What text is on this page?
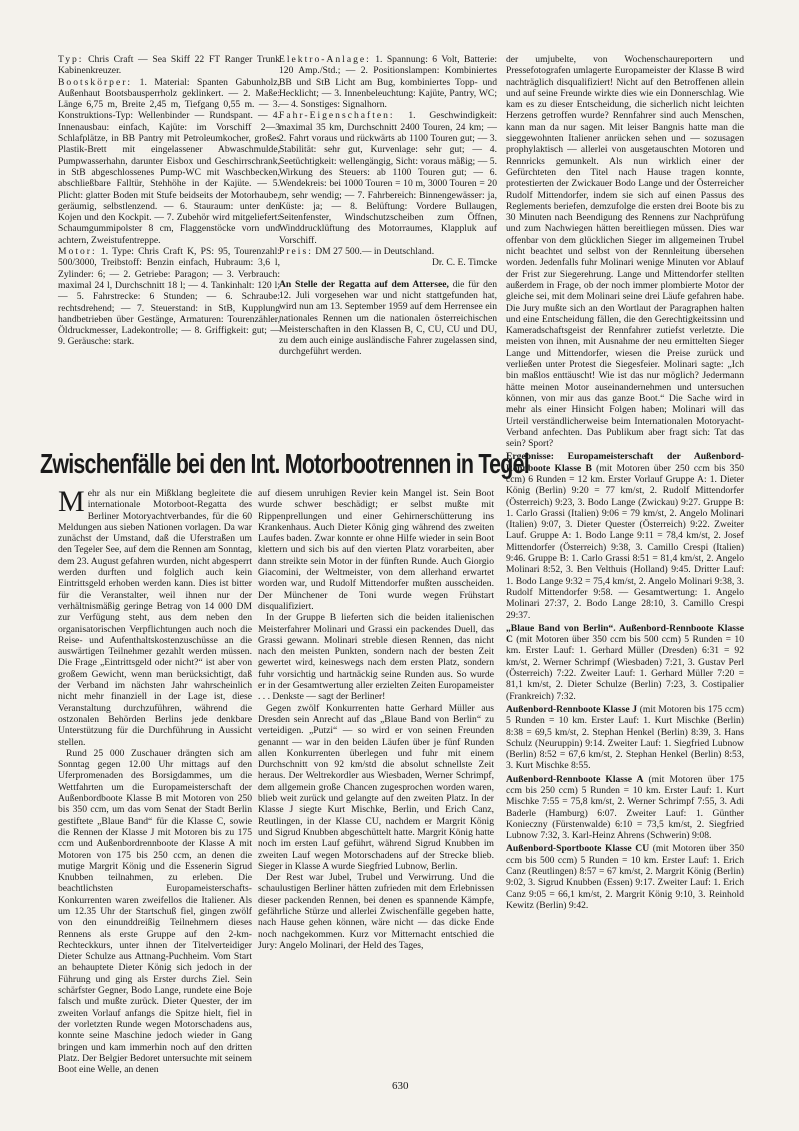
Typ: Chris Craft — Sea Skiff 22 FT Ranger Trunk Kabinenkreuzer.

Bootskörper: 1. Material: Spanten Gabunholz, Außenhaut Bootsbausperrholz geklinkert. — 2. Maße: Länge 6,75 m, Breite 2,45 m, Tiefgang 0,55 m. — 3. Konstruktions-Typ: Wellenbinder — Rundspant. — 4. Innenausbau: einfach, Kajüte: im Vorschiff 2—3 Schlafplätze, in BB Pantry mit Petroleumkocher, großes Plastik-Brett mit eingelassener Abwaschmulde, Pumpwasserhahn, darunter Eisbox und Geschirrschrank, in StB abgeschlossenes Pump-WC mit Waschbecken, abschließbare Falltür, Stehhöhe in der Kajüte. — 5. Plicht: glatter Boden mit Stufe beidseits der Motorhaube, geräumig, selbstlenzend. — 6. Stauraum: unter den Kojen und den Kockpit. — 7. Zubehör wird mitgeliefert: Schaumgummipolster 8 cm, Flaggenstöcke vorn und achtern, Zweistufentreppe.

Motor: 1. Type: Chris Craft K, PS: 95, Tourenzahl: 500/3000, Treibstoff: Benzin einfach, Hubraum: 3,6 l, Zylinder: 6; — 2. Getriebe: Paragon; — 3. Verbrauch: maximal 24 l, Durchschnitt 18 l; — 4. Tankinhalt: 120 l; — 5. Fahrstrecke: 6 Stunden; — 6. Schraube: rechtsdrehend; — 7. Steuerstand: in StB, Kupplung handbetrieben über Gestänge, Armaturen: Tourenzähler, Öldruckmesser, Ladekontrolle; — 8. Griffigkeit: gut; — 9. Geräusche: stark.

Elektro-Anlage: 1. Spannung: 6 Volt, Batterie: 120 Amp./Std.; — 2. Positionslampen: Kombiniertes BB und StB Licht am Bug, kombiniertes Topp- und Hecklicht; — 3. Innenbeleuchtung: Kajüte, Pantry, WC; — 4. Sonstiges: Signalhorn.

Fahr-Eigenschaften: 1. Geschwindigkeit: maximal 35 km, Durchschnitt 2400 Touren, 24 km; — 2. Fahrt voraus und rückwärts ab 1100 Touren gut; — 3. Stabilität: sehr gut, Kurvenlage: sehr gut; — 4. Seetüchtigkeit: wellengängig, Sicht: voraus mäßig; — 5. Wirkung des Steuers: ab 1100 Touren gut; — 6. Wendekreis: bei 1000 Touren = 10 m, 3000 Touren = 20 m, sehr wendig; — 7. Fahrbereich: Binnengewässer: ja, Küste: ja; — 8. Belüftung: Vordere Bullaugen, Seitenfenster, Windschutzscheiben zum Öffnen, Winddrucklüftung des Motorraumes, Klappluk auf Vorschiff.

Preis: DM 27 500.— in Deutschland.

Dr. C. E. Timcke

An Stelle der Regatta auf dem Attersee, die für den 12. Juli vorgesehen war und nicht stattgefunden hat, wird nun am 13. September 1959 auf dem Herrensee ein nationales Rennen um die nationalen österreichischen Meisterschaften in den Klassen B, C, CU, CU und DU, zu dem auch einige ausländische Fahrer zugelassen sind, durchgeführt werden.

der umjubelte, von Wochenschaureportern und Pressefotografen umlagerte Europameister der Klasse B wird nachträglich disqualifiziert! Nicht auf den Betroffenen allein und auf seine Freunde wirkte dies wie ein Donnerschlag. Wie kam es zu dieser Entscheidung, die sicherlich nicht leichten Herzens getroffen wurde? Rennfahrer sind auch Menschen, kann man da nur sagen. Mit leiser Bangnis hatte man die sieggewohnten Italiener anrücken sehen und — sozusagen prophylaktisch — allerlei von ausgetauschten Motoren und Rennricks gemunkelt. Als nun wirklich einer der Gefürchteten den Titel nach Hause tragen konnte, protestierten der Zwickauer Bodo Lange und der Österreicher Rudolf Mittendorfer, indem sie sich auf einen Passus des Reglements beriefen, demzufolge die ersten drei Boote bis zu 30 Minuten nach Beendigung des Rennens zur Nachprüfung und zum Nachwiegen hätten bereitliegen müssen. Dies war offenbar von dem glücklichen Sieger im allgemeinen Trubel nicht beachtet und selbst von der Rennleitung übersehen worden. Jedenfalls fuhr Molinari wenige Minuten vor Ablauf der Frist zur Siegerehrung. Lange und Mittendorfer stellten außerdem in Frage, ob der noch immer plombierte Motor der gleiche sei, mit dem Molinari seine drei Läufe gefahren habe. Die Jury mußte sich an den Wortlaut der Paragraphen halten und eine Entscheidung fällen, die den Gerechtigkeitssinn und Kameradschaftsgeist der Rennfahrer zutiefst verletzte. Die meisten von ihnen, mit Ausnahme der neu ermittelten Sieger Lange und Mittendorfer, wiesen die Preise zurück und verließen unter Protest die Siegesfeier. Molinari sagte: „Ich bin maßlos enttäuscht! Wie ist das nur möglich? Jedermann hätte meinen Motor auseinandernehmen und untersuchen können, von mir aus das ganze Boot.“ Die Sache wird in mehr als einer Hinsicht Folgen haben; Molinari will das Urteil verständlicherweise beim Internationalen Motoryacht-Verband anfechten. Das Publikum aber fragt sich: Tat das sein? Sport?

Ergebnisse: Europameisterschaft der Außenbord-Rennboote Klasse B (mit Motoren über 250 ccm bis 350 ccm) 6 Runden = 12 km. Erster Vorlauf Gruppe A: 1. Dieter König (Berlin) 9:20 = 77 km/st, 2. Rudolf Mittendorfer (Österreich) 9:23, 3. Bodo Lange (Zwickau) 9:27. Gruppe B: 1. Carlo Grassi (Italien) 9:06 = 79 km/st, 2. Angelo Molinari (Italien) 9:07, 3. Dieter Quester (Österreich) 9:22. Zweiter Lauf. Gruppe A: 1. Bodo Lange 9:11 = 78,4 km/st, 2. Josef Mittendorfer (Österreich) 9:38, 3. Camillo Crespi (Italien) 9:46. Gruppe B: 1. Carlo Grassi 8:51 = 81,4 km/st, 2. Angelo Molinari 8:52, 3. Ben Velthuis (Holland) 9:45. Dritter Lauf: 1. Bodo Lange 9:32 = 75,4 km/st, 2. Angelo Molinari 9:38, 3. Rudolf Mittendorfer 9:58. — Gesamtwertung: 1. Angelo Molinari 27:37, 2. Bodo Lange 28:10, 3. Camillo Crespi 29:37.

„Blaue Band von Berlin“. Außenbord-Rennboote Klasse C (mit Motoren über 350 ccm bis 500 ccm) 5 Runden = 10 km. Erster Lauf: 1. Gerhard Müller (Dresden) 6:31 = 92 km/st, 2. Werner Schrimpf (Wiesbaden) 7:21, 3. Gustav Perl (Österreich) 7:22. Zweiter Lauf: 1. Gerhard Müller 7:20 = 81,1 km/st, 2. Dieter Schulze (Berlin) 7:23, 3. Costipalier (Frankreich) 7:32.

Außenbord-Rennboote Klasse J (mit Motoren bis 175 ccm) 5 Runden = 10 km. Erster Lauf: 1. Kurt Mischke (Berlin) 8:38 = 69,5 km/st, 2. Stephan Henkel (Berlin) 8:39, 3. Hans Schulz (Neuruppin) 9:14. Zweiter Lauf: 1. Siegfried Lubnow (Berlin) 8:52 = 67,6 km/st, 2. Stephan Henkel (Berlin) 8:53, 3. Kurt Mischke 8:55.

Außenbord-Rennboote Klasse A (mit Motoren über 175 ccm bis 250 ccm) 5 Runden = 10 km. Erster Lauf: 1. Kurt Mischke 7:55 = 75,8 km/st, 2. Werner Schrimpf 7:55, 3. Adi Baderle (Hamburg) 6:07. Zweiter Lauf: 1. Günther Konieczny (Fürstenwalde) 6:10 = 73,5 km/st, 2. Siegfried Lubnow 7:32, 3. Karl-Heinz Ahrens (Schwerin) 9:08.

Außenbord-Sportboote Klasse CU (mit Motoren über 350 ccm bis 500 ccm) 5 Runden = 10 km. Erster Lauf: 1. Erich Canz (Reutlingen) 8:57 = 67 km/st, 2. Margrit König (Berlin) 9:02, 3. Sigrud Knubben (Essen) 9:17. Zweiter Lauf: 1. Erich Canz 9:05 = 66,1 km/st, 2. Margrit König 9:10, 3. Reinhold Kewitz (Berlin) 9:42.

Zwischenfälle bei den Int. Motorbootrennen in Tegel

Mehr als nur ein Mißklang begleitete die internationale Motorboot-Regatta des Berliner Motoryachtverbandes, für die 60 Meldungen aus sieben Nationen vorlagen. Da war zunächst der Umstand, daß die Uferstraßen um den Tegeler See, auf dem die Rennen am Sonntag, dem 23. August gefahren wurden, nicht abgesperrt werden durften und folglich auch kein Eintrittsgeld erhoben werden kann. Dies ist bitter für die Veranstalter, weil ihnen nur der verhältnismäßig geringe Betrag von 14 000 DM zur Verfügung steht, aus dem neben den organisatorischen Verpflichtungen auch noch die Reise- und Aufenthaltskostenzuschüsse an die auswärtigen Teilnehmer gezahlt werden müssen. Die Frage „Eintrittsgeld oder nicht?“ ist aber von großem Gewicht, wenn man berücksichtigt, daß der Verband im nächsten Jahr wahrscheinlich nicht mehr finanziell in der Lage ist, diese Veranstaltung durchzuführen, während die ostzonalen Behörden Berlins jede denkbare Unterstützung für die Durchführung in Aussicht stellen.

Rund 25 000 Zuschauer drängten sich am Sonntag gegen 12.00 Uhr mittags auf den Uferpromenaden des Borsigdammes, um die Wettfahrten um die Europameisterschaft der Außenbordboote Klasse B mit Motoren von 250 bis 350 ccm, um das vom Senat der Stadt Berlin gestiftete „Blaue Band“ für die Klasse C, sowie die Rennen der Klasse J mit Motoren bis zu 175 ccm und Außenbordrennboote der Klasse A mit Motoren von 175 bis 250 ccm, an denen die mutige Margrit König und die Essenerin Sigrud Knubben teilnahmen, zu erleben. Die beachtlichsten Europameisterschafts-Konkurrenten waren zweifellos die Italiener. Als um 12.35 Uhr der Startschuß fiel, gingen zwölf von den einunddreißig Teilnehmern dieses Rennens als erste Gruppe auf den 2-km-Rechteckkurs, unter ihnen der Titelverteidiger Dieter Schulze aus Attnang-Puchheim. Vom Start an behauptete Dieter König sich jedoch in der Führung und ging als Erster durchs Ziel. Sein schärfster Gegner, Bodo Lange, rundete eine Boje falsch und mußte zurück. Dieter Quester, der im zweiten Vorlauf anfangs die Spitze hielt, fiel in der vorletzten Runde wegen Motorschadens aus, konnte seine Maschine jedoch wieder in Gang bringen und kam immerhin noch auf den dritten Platz. Der Belgier Bedoret untersuchte mit seinem Boot eine Welle, an denen

auf diesem unruhigen Revier kein Mangel ist. Sein Boot wurde schwer beschädigt; er selbst mußte mit Rippenprellungen und einer Gehirnerschütterung ins Krankenhaus. Auch Dieter König ging während des zweiten Laufes baden. Zwar konnte er ohne Hilfe wieder in sein Boot klettern und sich bis auf den vierten Platz vorarbeiten, aber dann streikte sein Motor in der fünften Runde. Auch Giorgio Giacomini, der Weltmeister, von dem allerhand erwartet worden war, und Rudolf Mittendorfer mußten ausscheiden. Der Münchener de Toni wurde wegen Frühstart disqualifiziert.

In der Gruppe B lieferten sich die beiden italienischen Meisterfahrer Molinari und Grassi ein packendes Duell, das Grassi gewann. Molinari streble diesen Rennen, das nicht nach den meisten Punkten, sondern nach der besten Zeit gewertet wird, keineswegs nach dem ersten Platz, sondern fuhr vorsichtig und hartnäckig seine Runden aus. So wurde er in der Gesamtwertung aller erzielten Zeiten Europameister . . . Denkste — sagt der Berliner!

Gegen zwölf Konkurrenten hatte Gerhard Müller aus Dresden sein Anrecht auf das „Blaue Band von Berlin“ zu verteidigen. „Putzi“ — so wird er von seinen Freunden genannt — war in den beiden Läufen über je fünf Runden allen Konkurrenten überlegen und fuhr mit einem Durchschnitt von 92 km/std die absolut schnellste Zeit heraus. Der Weltrekordler aus Wiesbaden, Werner Schrimpf, dem allgemein große Chancen zugesprochen worden waren, blieb weit zurück und gelangte auf den zweiten Platz. In der Klasse J siegte Kurt Mischke, Berlin, und Erich Canz, Reutlingen, in der Klasse CU, nachdem er Margrit König und Sigrud Knubben abgeschüttelt hatte. Margrit König hatte noch im ersten Lauf geführt, während Sigrud Knubben im zweiten Lauf wegen Motorschadens auf der Strecke blieb. Sieger in Klasse A wurde Siegfried Lubnow, Berlin.

Der Rest war Jubel, Trubel und Verwirrung. Und die schaulustigen Berliner hätten zufrieden mit dem Erlebnissen dieser packenden Rennen, bei denen es spannende Kämpfe, gefährliche Stürze und allerlei Zwischenfälle gegeben hatte, nach Hause gehen können, wäre nicht — das dicke Ende noch nachgekommen. Kurz vor Mitternacht entschied die Jury: Angelo Molinari, der Held des Tages,

630
